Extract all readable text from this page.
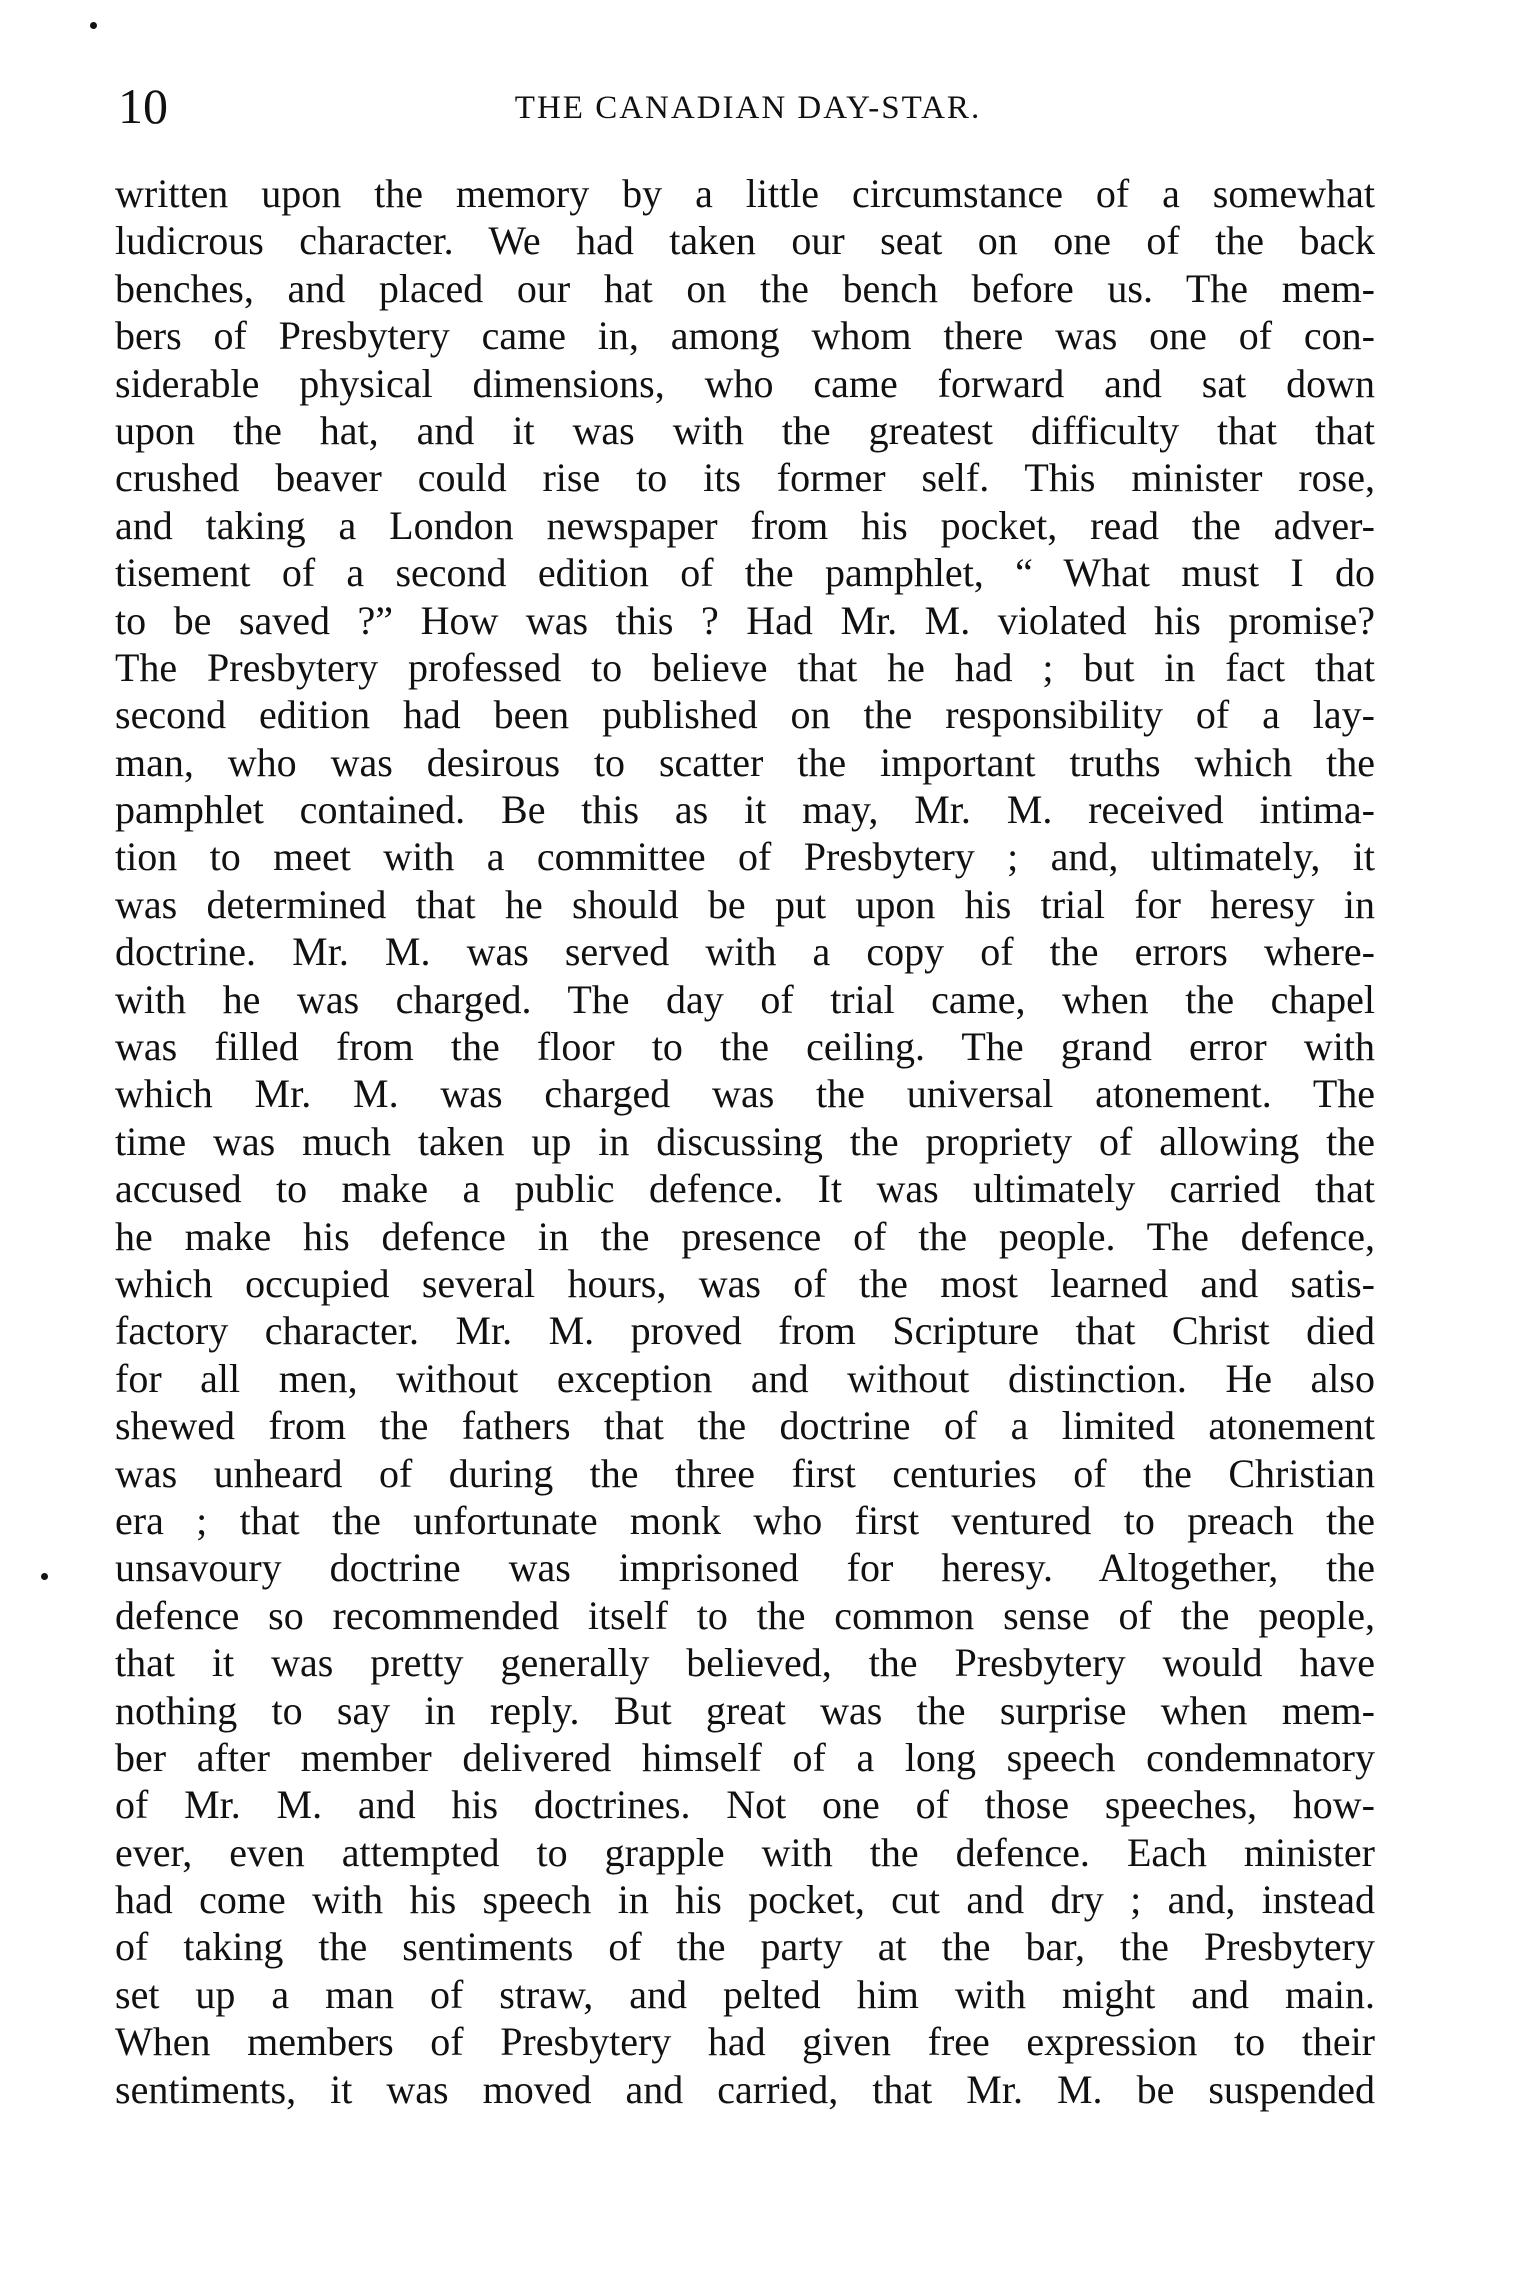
10	THE CANADIAN DAY-STAR.
written upon the memory by a little circumstance of a somewhat
ludicrous character. We had taken our seat on one of the back
benches, and placed our hat on the bench before us. The mem-
bers of Presbytery came in, among whom there was one of con-
siderable physical dimensions, who came forward and sat down
upon the hat, and it was with the greatest difficulty that that
crushed beaver could rise to its former self. This minister rose,
and taking a London newspaper from his pocket, read the adver-
tisement of a second edition of the pamphlet, “ What must I do
to be saved ?” How was this ? Had Mr. M. violated his promise?
The Presbytery professed to believe that he had ; but in fact that
second edition had been published on the responsibility of a lay-
man, who was desirous to scatter the important truths which the
pamphlet contained. Be this as it may, Mr. M. received intima-
tion to meet with a committee of Presbytery ; and, ultimately, it
was determined that he should be put upon his trial for heresy in
doctrine. Mr. M. was served with a copy of the errors where-
with he was charged. The day of trial came, when the chapel
was filled from the floor to the ceiling. The grand error with
which Mr. M. was charged was the universal atonement. The
time was much taken up in discussing the propriety of allowing the
accused to make a public defence. It was ultimately carried that
he make his defence in the presence of the people. The defence,
which occupied several hours, was of the most learned and satis-
factory character. Mr. M. proved from Scripture that Christ died
for all men, without exception and without distinction. He also
shewed from the fathers that the doctrine of a limited atonement
was unheard of during the three first centuries of the Christian
era ; that the unfortunate monk who first ventured to preach the
unsavoury doctrine was imprisoned for heresy. Altogether, the
defence so recommended itself to the common sense of the people,
that it was pretty generally believed, the Presbytery would have
nothing to say in reply. But great was the surprise when mem-
ber after member delivered himself of a long speech condemnatory
of Mr. M. and his doctrines. Not one of those speeches, how-
ever, even attempted to grapple with the defence. Each minister
had come with his speech in his pocket, cut and dry ; and, instead
of taking the sentiments of the party at the bar, the Presbytery
set up a man of straw, and pelted him with might and main.
When members of Presbytery had given free expression to their
sentiments, it was moved and carried, that Mr. M. be suspended
